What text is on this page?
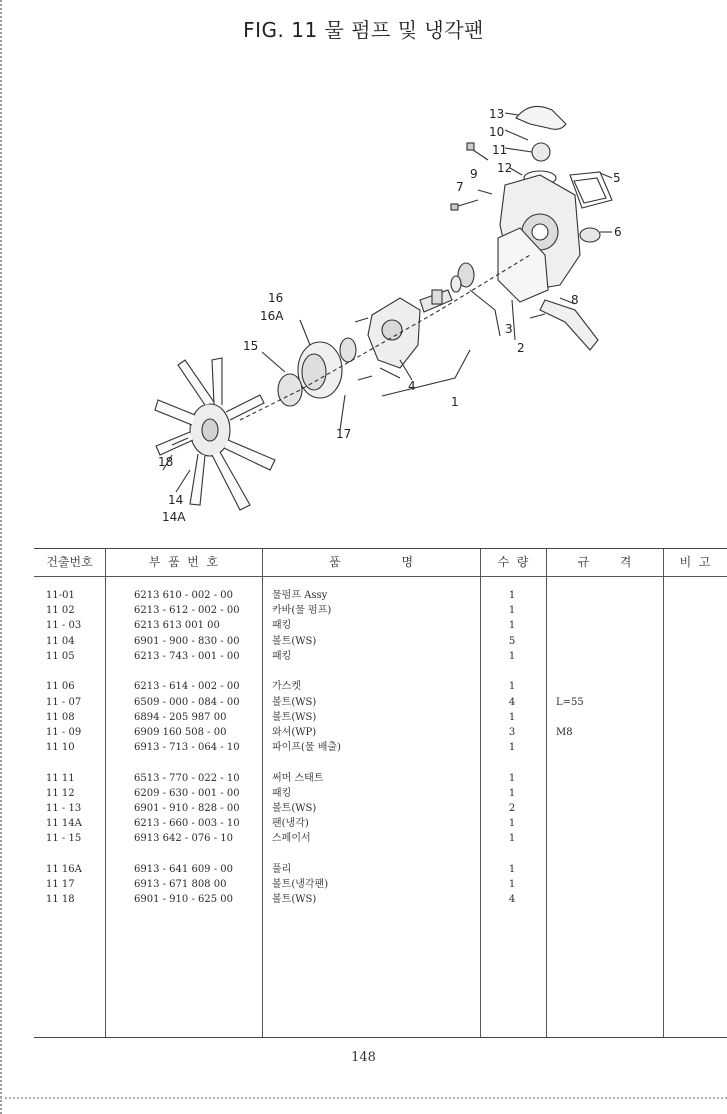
FIG. 11 물 펌프 및 냉각팬
13
10
11
12
5
9
7
6
16
16A
15
8
3
2
4
1
17
18
14
14A
건출번호	부  품  번  호	품                명	수  량	규        격	비  고
11-01	6213 610 - 002 - 00	물펌프 Assy	1
11 02	6213 - 612 - 002 - 00	카바(물 펌프)	1
11 - 03	6213 613 001 00	패킹	1
11 04	6901 - 900 - 830 - 00	볼트(WS)	5
11 05	6213 - 743 - 001 - 00	패킹	1
11 06	6213 - 614 - 002 - 00	가스켓	1
11 - 07	6509 - 000 - 084 - 00	볼트(WS)	4	L=55
11 08	6894 - 205 987 00	볼트(WS)	1
11 - 09	6909 160 508 - 00	와셔(WP)	3	M8
11 10	6913 - 713 - 064 - 10	파이프(물 배출)	1
11 11	6513 - 770 - 022 - 10	써머 스태트	1
11 12	6209 - 630 - 001 - 00	패킹	1
11 - 13	6901 - 910 - 828 - 00	볼트(WS)	2
11 14A	6213 - 660 - 003 - 10	팬(냉각)	1
11 - 15	6913 642 - 076 - 10	스페이서	1
11 16A	6913 - 641 609 - 00	풀리	1
11 17	6913 - 671 808 00	볼트(냉각팬)	1
11 18	6901 - 910 - 625 00	볼트(WS)	4
148
